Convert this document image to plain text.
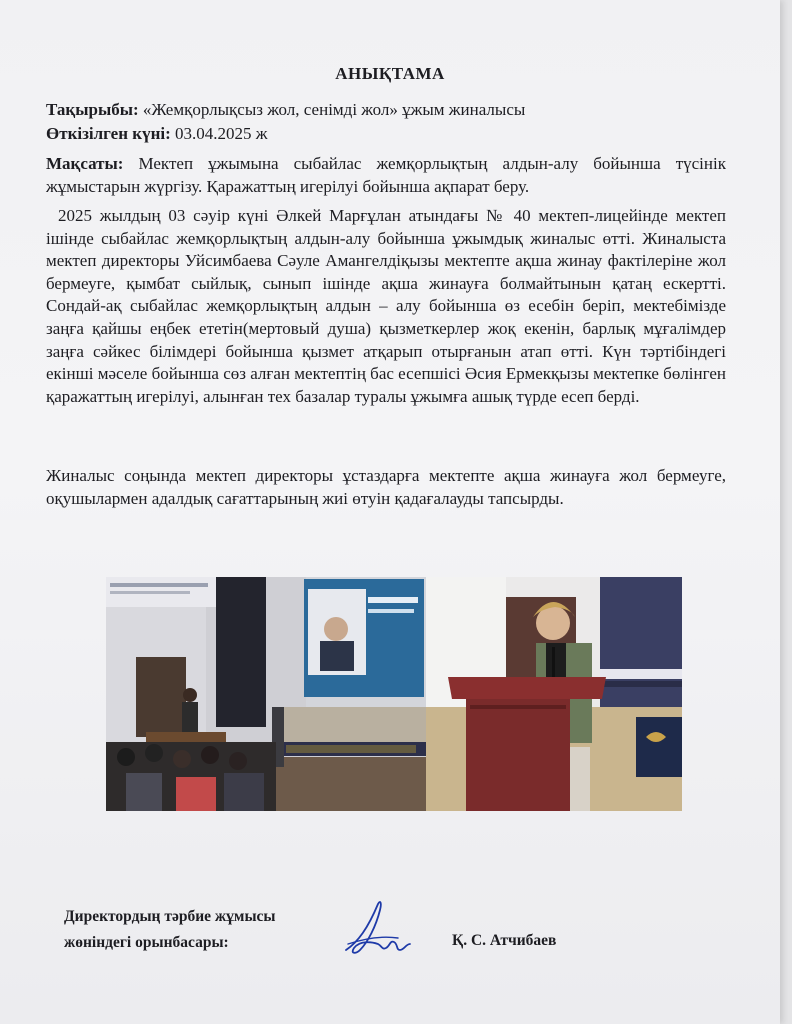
АНЫҚТАМА
Тақырыбы: «Жемқорлықсыз жол, сенімді жол» ұжым жиналысы
Өткізілген күні: 03.04.2025 ж
Мақсаты: Мектеп ұжымына сыбайлас жемқорлықтың алдын-алу бойынша түсінік жұмыстарын жүргізу. Қаражаттың игерілуі бойынша ақпарат беру.
2025 жылдың 03 сәуір күні Әлкей Марғұлан атындағы № 40 мектеп-лицейінде мектеп ішінде сыбайлас жемқорлықтың алдын-алу бойынша ұжымдық жиналыс өтті. Жиналыста мектеп директоры Уйсимбаева Сәуле Амангелдіқызы мектепте ақша жинау фактілеріне жол бермеуге, қымбат сыйлық, сынып ішінде ақша жинауға болмайтынын қатаң ескертті. Сондай-ақ сыбайлас жемқорлықтың алдын – алу бойынша өз есебін беріп, мектебімізде заңға қайшы еңбек ететін(мертовый душа) қызметкерлер жоқ екенін, барлық мұғалімдер заңға сәйкес білімдері бойынша қызмет атқарып отырғанын атап өтті. Күн тәртібіндегі екінші мәселе бойынша сөз алған мектептің бас есепшісі Әсия Ермекқызы мектепке бөлінген қаражаттың игерілуі, алынған тех базалар туралы ұжымға ашық түрде есеп берді.
Жиналыс соңында мектеп директоры ұстаздарға мектепте ақша жинауға жол бермеуге, оқушылармен адалдық сағаттарының жиі өтуін қадағалауды тапсырды.
Директордың тәрбие жұмысы
жөніндегі орынбасары:	Қ. С. Атчибаев
